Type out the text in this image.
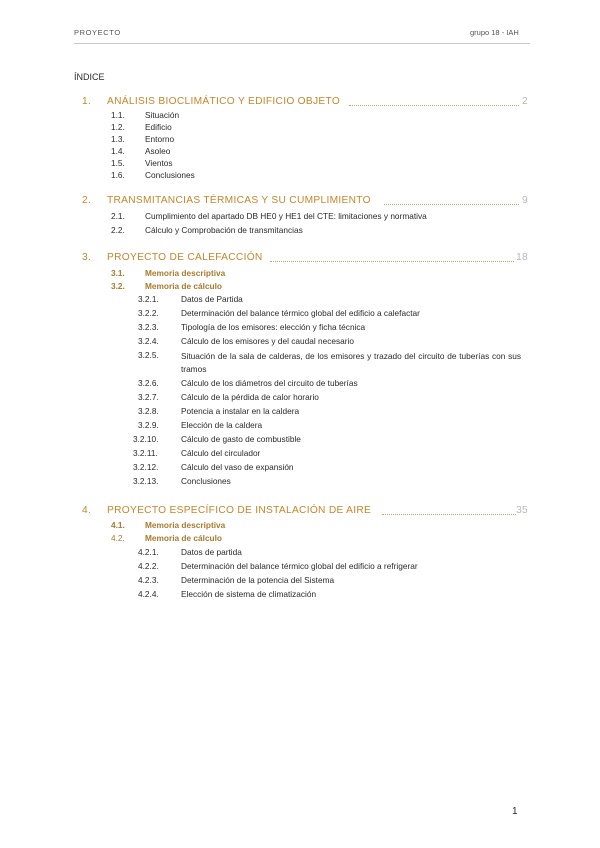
PROYECTO	grupo 18 - IAH
ÍNDICE
1. ANÁLISIS BIOCLIMÁTICO Y EDIFICIO OBJETO	2
1.1. Situación
1.2. Edificio
1.3. Entorno
1.4. Asoleo
1.5. Vientos
1.6. Conclusiones
2. TRANSMITANCIAS TÉRMICAS Y SU CUMPLIMIENTO	9
2.1. Cumplimiento del apartado DB HE0 y HE1 del CTE: limitaciones y normativa
2.2. Cálculo y Comprobación de transmitancias
3. PROYECTO DE CALEFACCIÓN	18
3.1. Memoria descriptiva
3.2. Memoria de cálculo
3.2.1.	Datos de Partida
3.2.2.	Determinación del balance térmico global del edificio a calefactar
3.2.3.	Tipología de los emisores: elección y ficha técnica
3.2.4.	Cálculo de los emisores y del caudal necesario
3.2.5.	Situación de la sala de calderas, de los emisores y trazado del circuito de tuberías con sus tramos
3.2.6.	Cálculo de los diámetros del circuito de tuberías
3.2.7.	Cálculo de la pérdida de calor horario
3.2.8.	Potencia a instalar en la caldera
3.2.9.	Elección de la caldera
3.2.10.	Cálculo de gasto de combustible
3.2.11.	Cálculo del circulador
3.2.12.	Cálculo del vaso de expansión
3.2.13.	Conclusiones
4. PROYECTO ESPECÍFICO DE INSTALACIÓN DE AIRE	35
4.1. Memoria descriptiva
4.2. Memoria de cálculo
4.2.1.	Datos de partida
4.2.2.	Determinación del balance térmico global del edificio a refrigerar
4.2.3.	Determinación de la potencia del Sistema
4.2.4.	Elección de sistema de climatización
1
